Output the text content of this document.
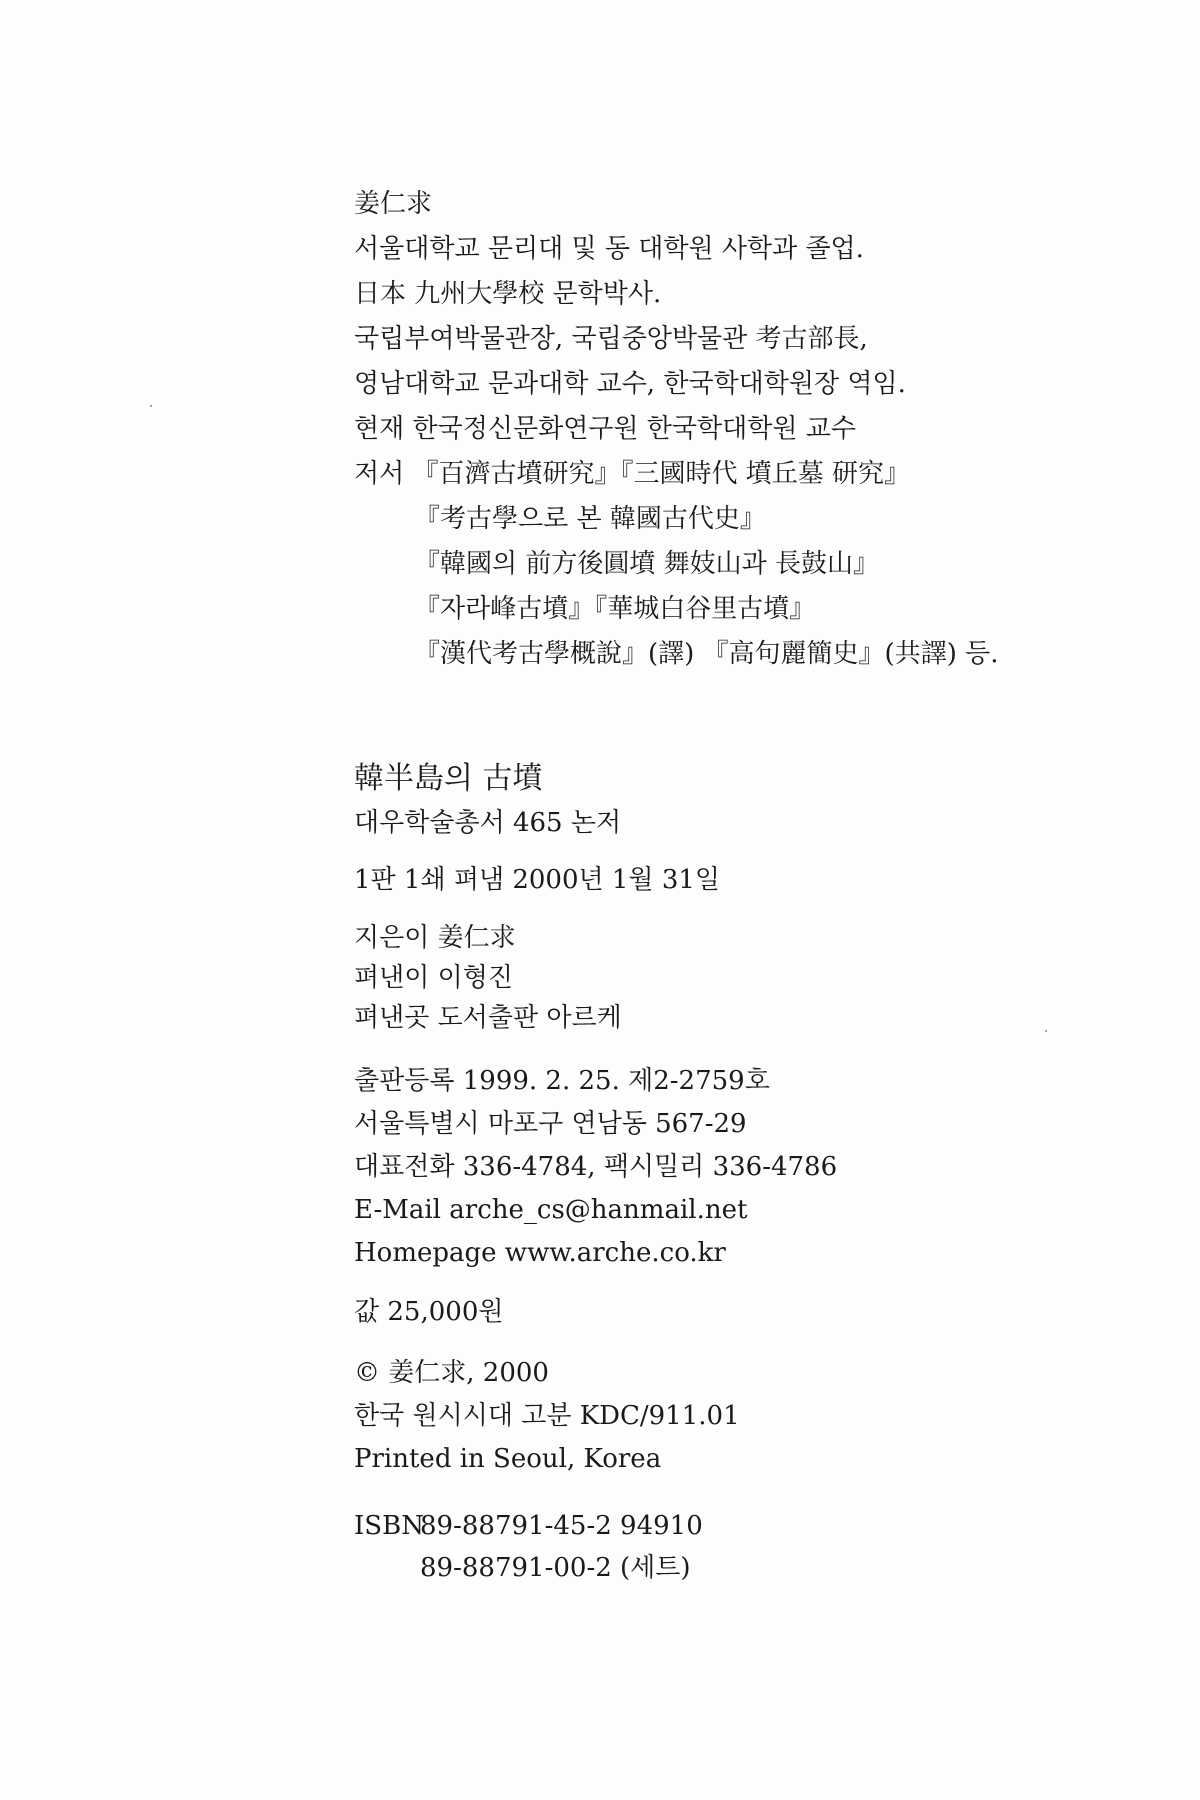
姜仁求
서울대학교 문리대 및 동 대학원 사학과 졸업.
日本 九州大學校 문학박사.
국립부여박물관장, 국립중앙박물관 考古部長,
영남대학교 문과대학 교수, 한국학대학원장 역임.
현재 한국정신문화연구원 한국학대학원 교수
저서 『百濟古墳研究』『三國時代 墳丘墓 研究』
『考古學으로 본 韓國古代史』
『韓國의 前方後圓墳 舞妓山과 長鼓山』
『자라峰古墳』『華城白谷里古墳』
『漢代考古學概說』(譯) 『高句麗簡史』(共譯) 등.
韓半島의 古墳
대우학술총서 465 논저
1판 1쇄 펴냄 2000년 1월 31일
지은이 姜仁求
펴낸이 이형진
펴낸곳 도서출판 아르케
출판등록 1999. 2. 25. 제2-2759호
서울특별시 마포구 연남동 567-29
대표전화 336-4784, 팩시밀리 336-4786
E-Mail arche_cs@hanmail.net
Homepage www.arche.co.kr
값 25,000원
© 姜仁求, 2000
한국 원시시대 고분 KDC/911.01
Printed in Seoul, Korea
ISBN
89-88791-45-2 94910
89-88791-00-2 (세트)
